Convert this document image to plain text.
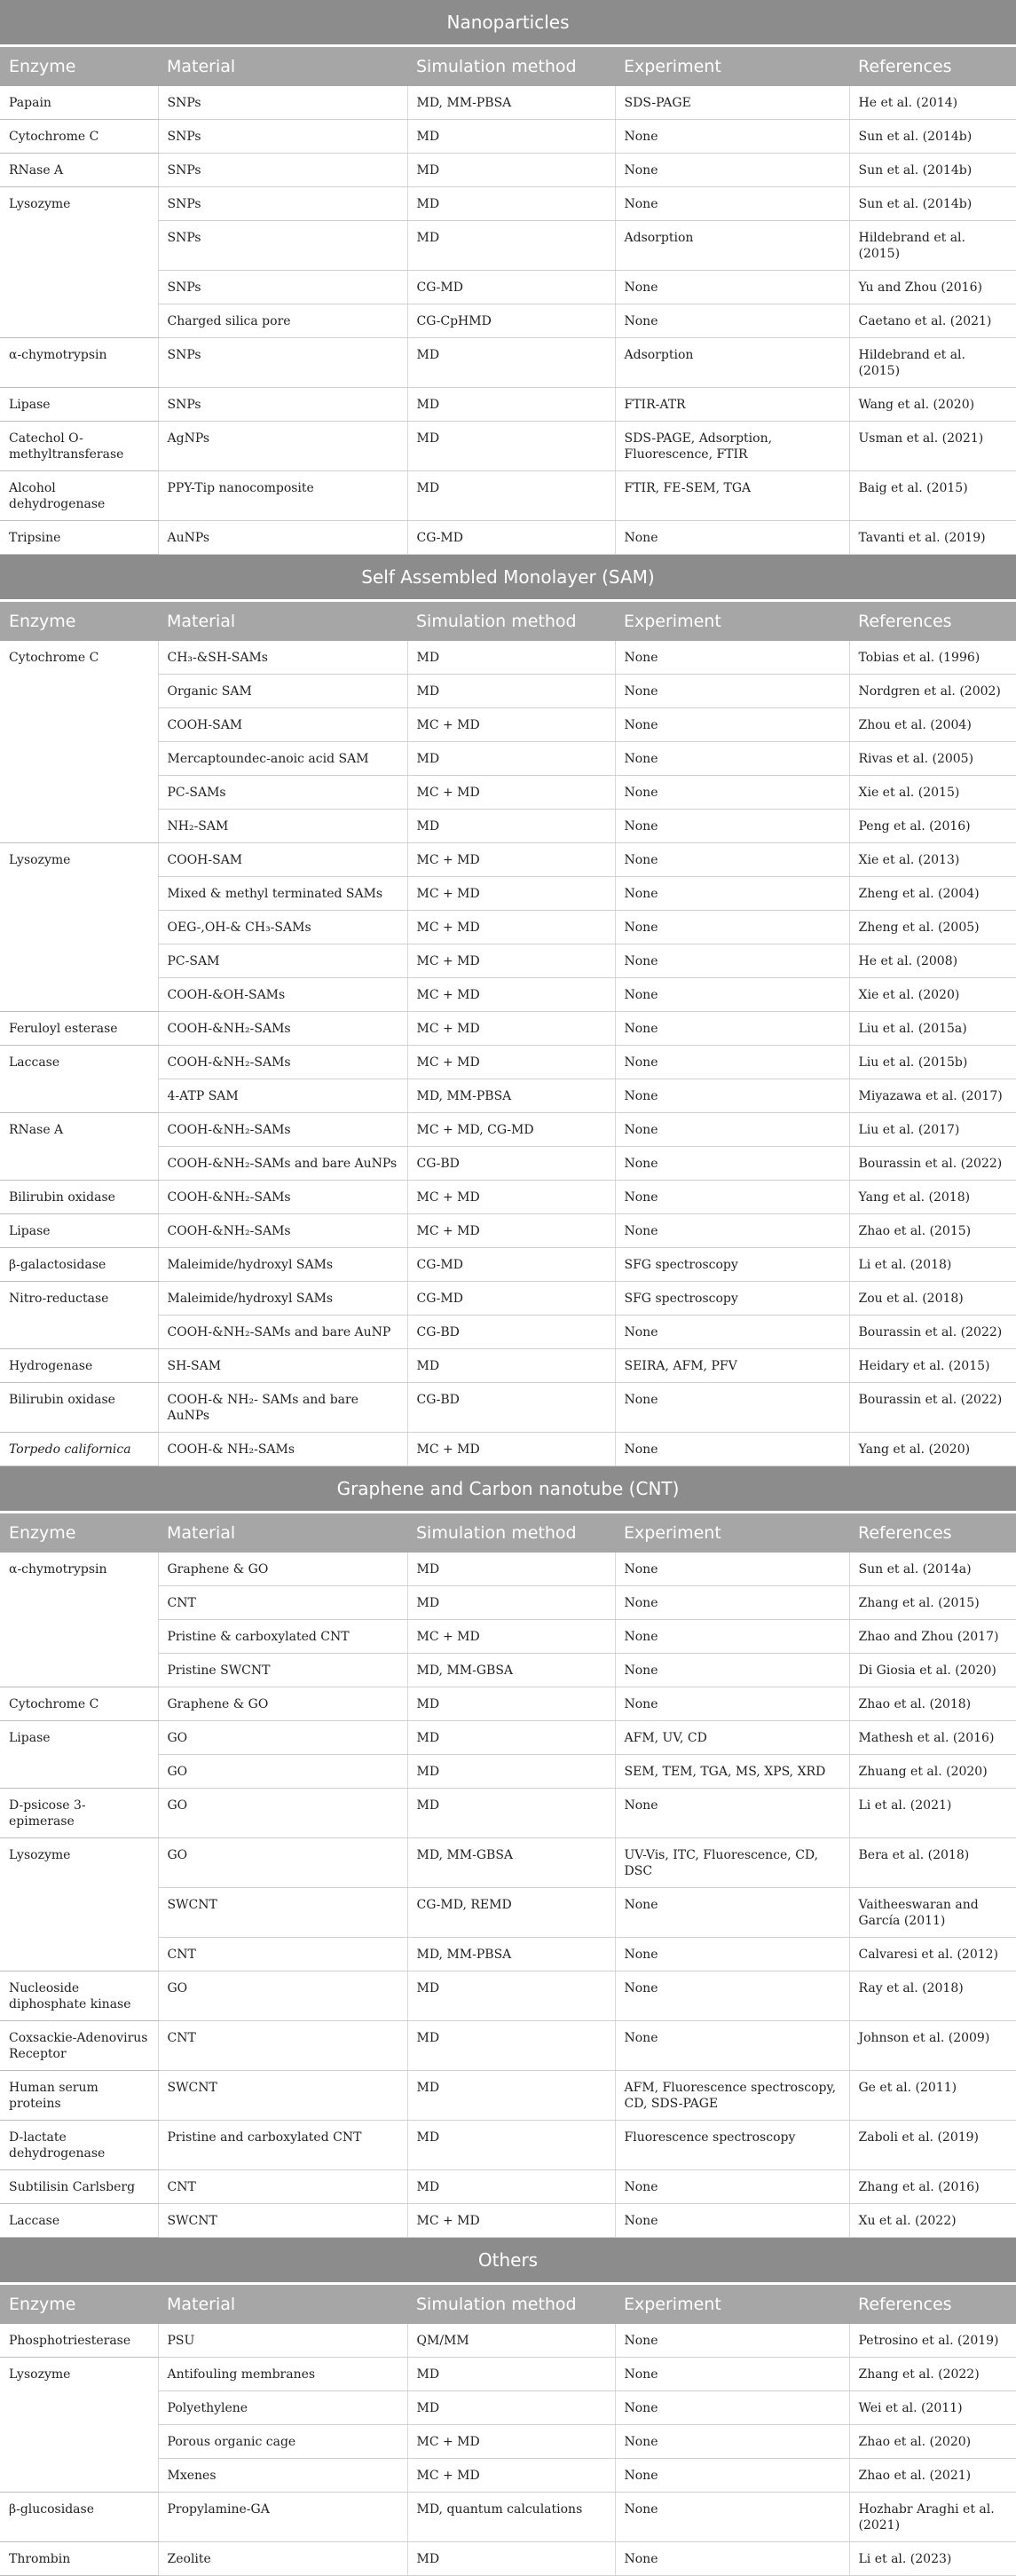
Nanoparticles				
Enzyme	Material	Simulation method	Experiment	References
Papain	SNPs	MD, MM-PBSA	SDS-PAGE	He et al. (2014)
Cytochrome C	SNPs	MD	None	Sun et al. (2014b)
RNase A	SNPs	MD	None	Sun et al. (2014b)
Lysozyme	SNPs	MD	None	Sun et al. (2014b)
	SNPs	MD	Adsorption	Hildebrand et al. (2015)
	SNPs	CG-MD	None	Yu and Zhou (2016)
	Charged silica pore	CG-CpHMD	None	Caetano et al. (2021)
α-chymotrypsin	SNPs	MD	Adsorption	Hildebrand et al. (2015)
Lipase	SNPs	MD	FTIR-ATR	Wang et al. (2020)
Catechol O-methyltransferase	AgNPs	MD	SDS-PAGE, Adsorption, Fluorescence, FTIR	Usman et al. (2021)
Alcohol dehydrogenase	PPY-Tip nanocomposite	MD	FTIR, FE-SEM, TGA	Baig et al. (2015)
Tripsine	AuNPs	CG-MD	None	Tavanti et al. (2019)
Self Assembled Monolayer (SAM)				
Enzyme	Material	Simulation method	Experiment	References
Cytochrome C	CH₃-&SH-SAMs	MD	None	Tobias et al. (1996)
	Organic SAM	MD	None	Nordgren et al. (2002)
	COOH-SAM	MC + MD	None	Zhou et al. (2004)
	Mercaptoundec-anoic acid SAM	MD	None	Rivas et al. (2005)
	PC-SAMs	MC + MD	None	Xie et al. (2015)
	NH₂-SAM	MD	None	Peng et al. (2016)
Lysozyme	COOH-SAM	MC + MD	None	Xie et al. (2013)
	Mixed & methyl terminated SAMs	MC + MD	None	Zheng et al. (2004)
	OEG-,OH-& CH₃-SAMs	MC + MD	None	Zheng et al. (2005)
	PC-SAM	MC + MD	None	He et al. (2008)
	COOH-&OH-SAMs	MC + MD	None	Xie et al. (2020)
Feruloyl esterase	COOH-&NH₂-SAMs	MC + MD	None	Liu et al. (2015a)
Laccase	COOH-&NH₂-SAMs	MC + MD	None	Liu et al. (2015b)
	4-ATP SAM	MD, MM-PBSA	None	Miyazawa et al. (2017)
RNase A	COOH-&NH₂-SAMs	MC + MD, CG-MD	None	Liu et al. (2017)
	COOH-&NH₂-SAMs and bare AuNPs	CG-BD	None	Bourassin et al. (2022)
Bilirubin oxidase	COOH-&NH₂-SAMs	MC + MD	None	Yang et al. (2018)
Lipase	COOH-&NH₂-SAMs	MC + MD	None	Zhao et al. (2015)
β-galactosidase	Maleimide/hydroxyl SAMs	CG-MD	SFG spectroscopy	Li et al. (2018)
Nitro-reductase	Maleimide/hydroxyl SAMs	CG-MD	SFG spectroscopy	Zou et al. (2018)
	COOH-&NH₂-SAMs and bare AuNP	CG-BD	None	Bourassin et al. (2022)
Hydrogenase	SH-SAM	MD	SEIRA, AFM, PFV	Heidary et al. (2015)
Bilirubin oxidase	COOH-& NH₂- SAMs and bare AuNPs	CG-BD	None	Bourassin et al. (2022)
Torpedo californica	COOH-& NH₂-SAMs	MC + MD	None	Yang et al. (2020)
Graphene and Carbon nanotube (CNT)				
Enzyme	Material	Simulation method	Experiment	References
α-chymotrypsin	Graphene & GO	MD	None	Sun et al. (2014a)
	CNT	MD	None	Zhang et al. (2015)
	Pristine & carboxylated CNT	MC + MD	None	Zhao and Zhou (2017)
	Pristine SWCNT	MD, MM-GBSA	None	Di Giosia et al. (2020)
Cytochrome C	Graphene & GO	MD	None	Zhao et al. (2018)
Lipase	GO	MD	AFM, UV, CD	Mathesh et al. (2016)
	GO	MD	SEM, TEM, TGA, MS, XPS, XRD	Zhuang et al. (2020)
D-psicose 3-epimerase	GO	MD	None	Li et al. (2021)
Lysozyme	GO	MD, MM-GBSA	UV-Vis, ITC, Fluorescence, CD, DSC	Bera et al. (2018)
	SWCNT	CG-MD, REMD	None	Vaitheeswaran and García (2011)
	CNT	MD, MM-PBSA	None	Calvaresi et al. (2012)
Nucleoside diphosphate kinase	GO	MD	None	Ray et al. (2018)
Coxsackie-Adenovirus Receptor	CNT	MD	None	Johnson et al. (2009)
Human serum proteins	SWCNT	MD	AFM, Fluorescence spectroscopy, CD, SDS-PAGE	Ge et al. (2011)
D-lactate dehydrogenase	Pristine and carboxylated CNT	MD	Fluorescence spectroscopy	Zaboli et al. (2019)
Subtilisin Carlsberg	CNT	MD	None	Zhang et al. (2016)
Laccase	SWCNT	MC + MD	None	Xu et al. (2022)
Others				
Enzyme	Material	Simulation method	Experiment	References
Phosphotriesterase	PSU	QM/MM	None	Petrosino et al. (2019)
Lysozyme	Antifouling membranes	MD	None	Zhang et al. (2022)
	Polyethylene	MD	None	Wei et al. (2011)
	Porous organic cage	MC + MD	None	Zhao et al. (2020)
	Mxenes	MC + MD	None	Zhao et al. (2021)
β-glucosidase	Propylamine-GA	MD, quantum calculations	None	Hozhabr Araghi et al. (2021)
Thrombin	Zeolite	MD	None	Li et al. (2023)
